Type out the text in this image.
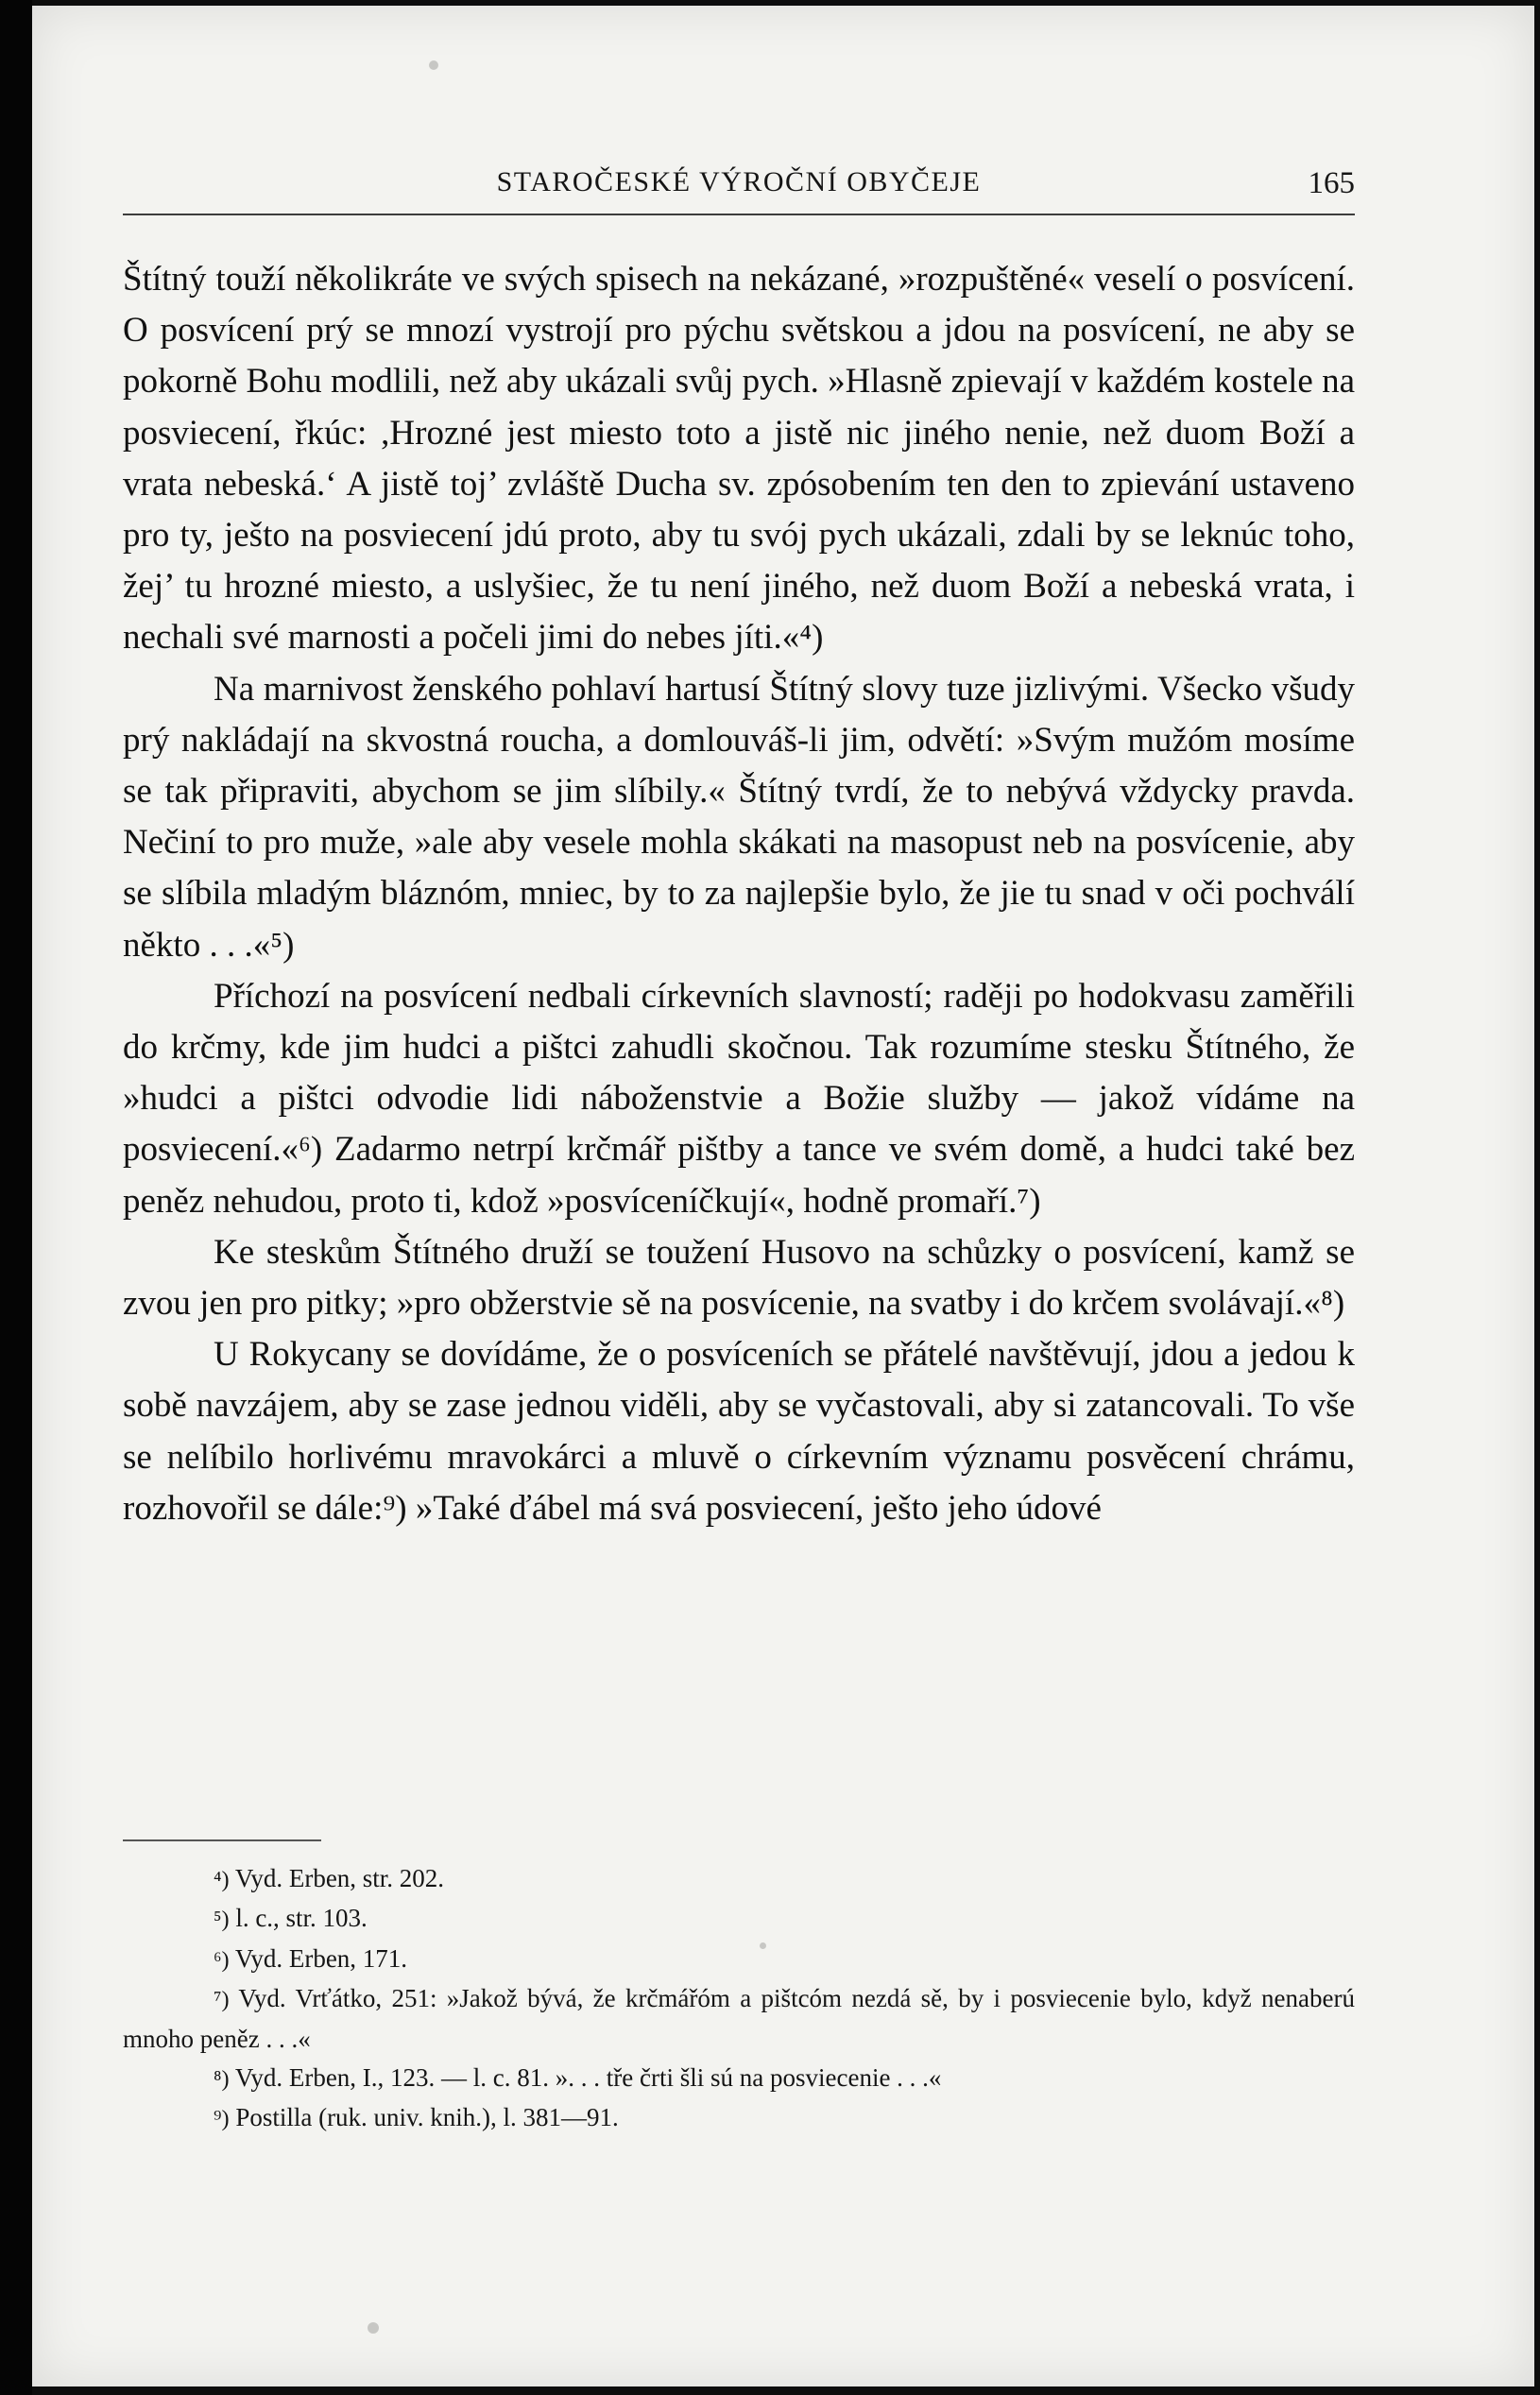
STAROČESKÉ VÝROČNÍ OBYČEJE	165

Štítný touží několikráte ve svých spisech na nekázané, »rozpuštěné« veselí o posvícení. O posvícení prý se mnozí vystrojí pro pýchu světskou a jdou na posvícení, ne aby se pokorně Bohu modlili, než aby ukázali svůj pych. »Hlasně zpievají v každém kostele na posviecení, řkúc: ,Hrozné jest miesto toto a jistě nic jiného nenie, než duom Boží a vrata nebeská.‘ A jistě toj’ zvláště Ducha sv. zpósobením ten den to zpievání ustaveno pro ty, ješto na posviecení jdú proto, aby tu svój pych ukázali, zdali by se leknúc toho, žej’ tu hrozné miesto, a uslyšiec, že tu není jiného, než duom Boží a nebeská vrata, i nechali své marnosti a počeli jimi do nebes jíti.«⁴)

Na marnivost ženského pohlaví hartusí Štítný slovy tuze jizlivými. Všecko všudy prý nakládají na skvostná roucha, a domlouváš-li jim, odvětí: »Svým mužóm mosíme se tak připraviti, abychom se jim slíbily.« Štítný tvrdí, že to nebývá vždycky pravda. Nečiní to pro muže, »ale aby vesele mohla skákati na masopust neb na posvícenie, aby se slíbila mladým bláznóm, mniec, by to za najlepšie bylo, že jie tu snad v oči pochválí někto . . .«⁵)

Příchozí na posvícení nedbali církevních slavností; raději po hodokvasu zaměřili do krčmy, kde jim hudci a pištci zahudli skočnou. Tak rozumíme stesku Štítného, že »hudci a pištci odvodie lidi náboženstvie a Božie služby — jakož vídáme na posviecení.«⁶) Zadarmo netrpí krčmář pištby a tance ve svém domě, a hudci také bez peněz nehudou, proto ti, kdož »posvíceníčkují«, hodně promaří.⁷)

Ke steskům Štítného druží se toužení Husovo na schůzky o posvícení, kamž se zvou jen pro pitky; »pro obžerstvie sě na posvícenie, na svatby i do krčem svolávají.«⁸)

U Rokycany se dovídáme, že o posvíceních se přátelé navštěvují, jdou a jedou k sobě navzájem, aby se zase jednou viděli, aby se vyčastovali, aby si zatancovali. To vše se nelíbilo horlivému mravokárci a mluvě o církevním významu posvěcení chrámu, rozhovořil se dále:⁹) »Také ďábel má svá posviecení, ješto jeho údové

⁴) Vyd. Erben, str. 202.

⁵) l. c., str. 103.

⁶) Vyd. Erben, 171.

⁷) Vyd. Vrťátko, 251: »Jakož bývá, že krčmářóm a pištcóm nezdá sě, by i posviecenie bylo, když nenaberú mnoho peněz . . .«

⁸) Vyd. Erben, I., 123. — l. c. 81. ». . . tře črti šli sú na posviecenie . . .«

⁹) Postilla (ruk. univ. knih.), l. 381—91.
